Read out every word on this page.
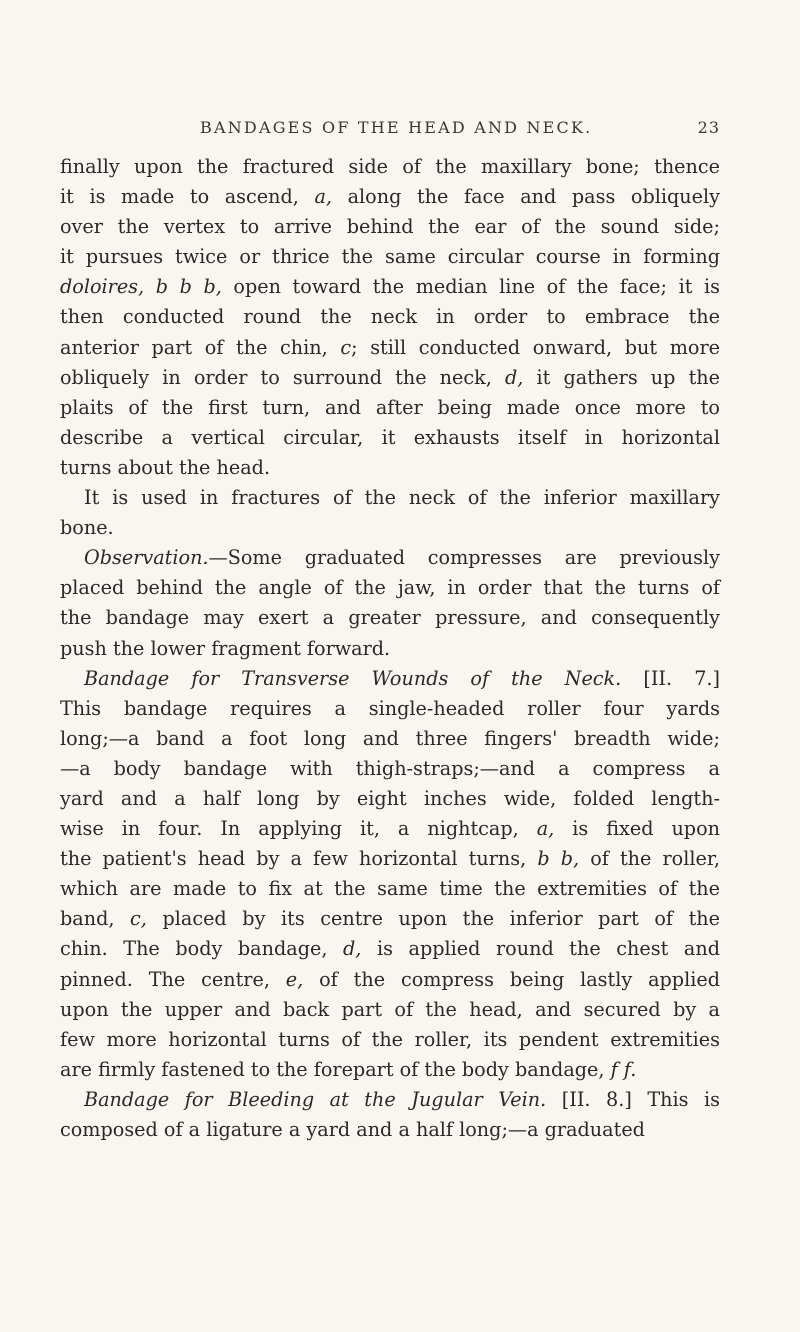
BANDAGES OF THE HEAD AND NECK.	23
finally upon the fractured side of the maxillary bone; thence
it is made to ascend, a, along the face and pass obliquely
over the vertex to arrive behind the ear of the sound side;
it pursues twice or thrice the same circular course in forming
doloires, b b b, open toward the median line of the face; it is
then conducted round the neck in order to embrace the
anterior part of the chin, c; still conducted onward, but more
obliquely in order to surround the neck, d, it gathers up the
plaits of the first turn, and after being made once more to
describe a vertical circular, it exhausts itself in horizontal
turns about the head.
It is used in fractures of the neck of the inferior maxillary
bone.
Observation.—Some graduated compresses are previously
placed behind the angle of the jaw, in order that the turns of
the bandage may exert a greater pressure, and consequently
push the lower fragment forward.
Bandage for Transverse Wounds of the Neck. [II. 7.]
This bandage requires a single-headed roller four yards
long;—a band a foot long and three fingers' breadth wide;
—a body bandage with thigh-straps;—and a compress a
yard and a half long by eight inches wide, folded length-
wise in four. In applying it, a nightcap, a, is fixed upon
the patient's head by a few horizontal turns, b b, of the roller,
which are made to fix at the same time the extremities of the
band, c, placed by its centre upon the inferior part of the
chin. The body bandage, d, is applied round the chest and
pinned. The centre, e, of the compress being lastly applied
upon the upper and back part of the head, and secured by a
few more horizontal turns of the roller, its pendent extremities
are firmly fastened to the forepart of the body bandage, f f.
Bandage for Bleeding at the Jugular Vein. [II. 8.] This is
composed of a ligature a yard and a half long;—a graduated
